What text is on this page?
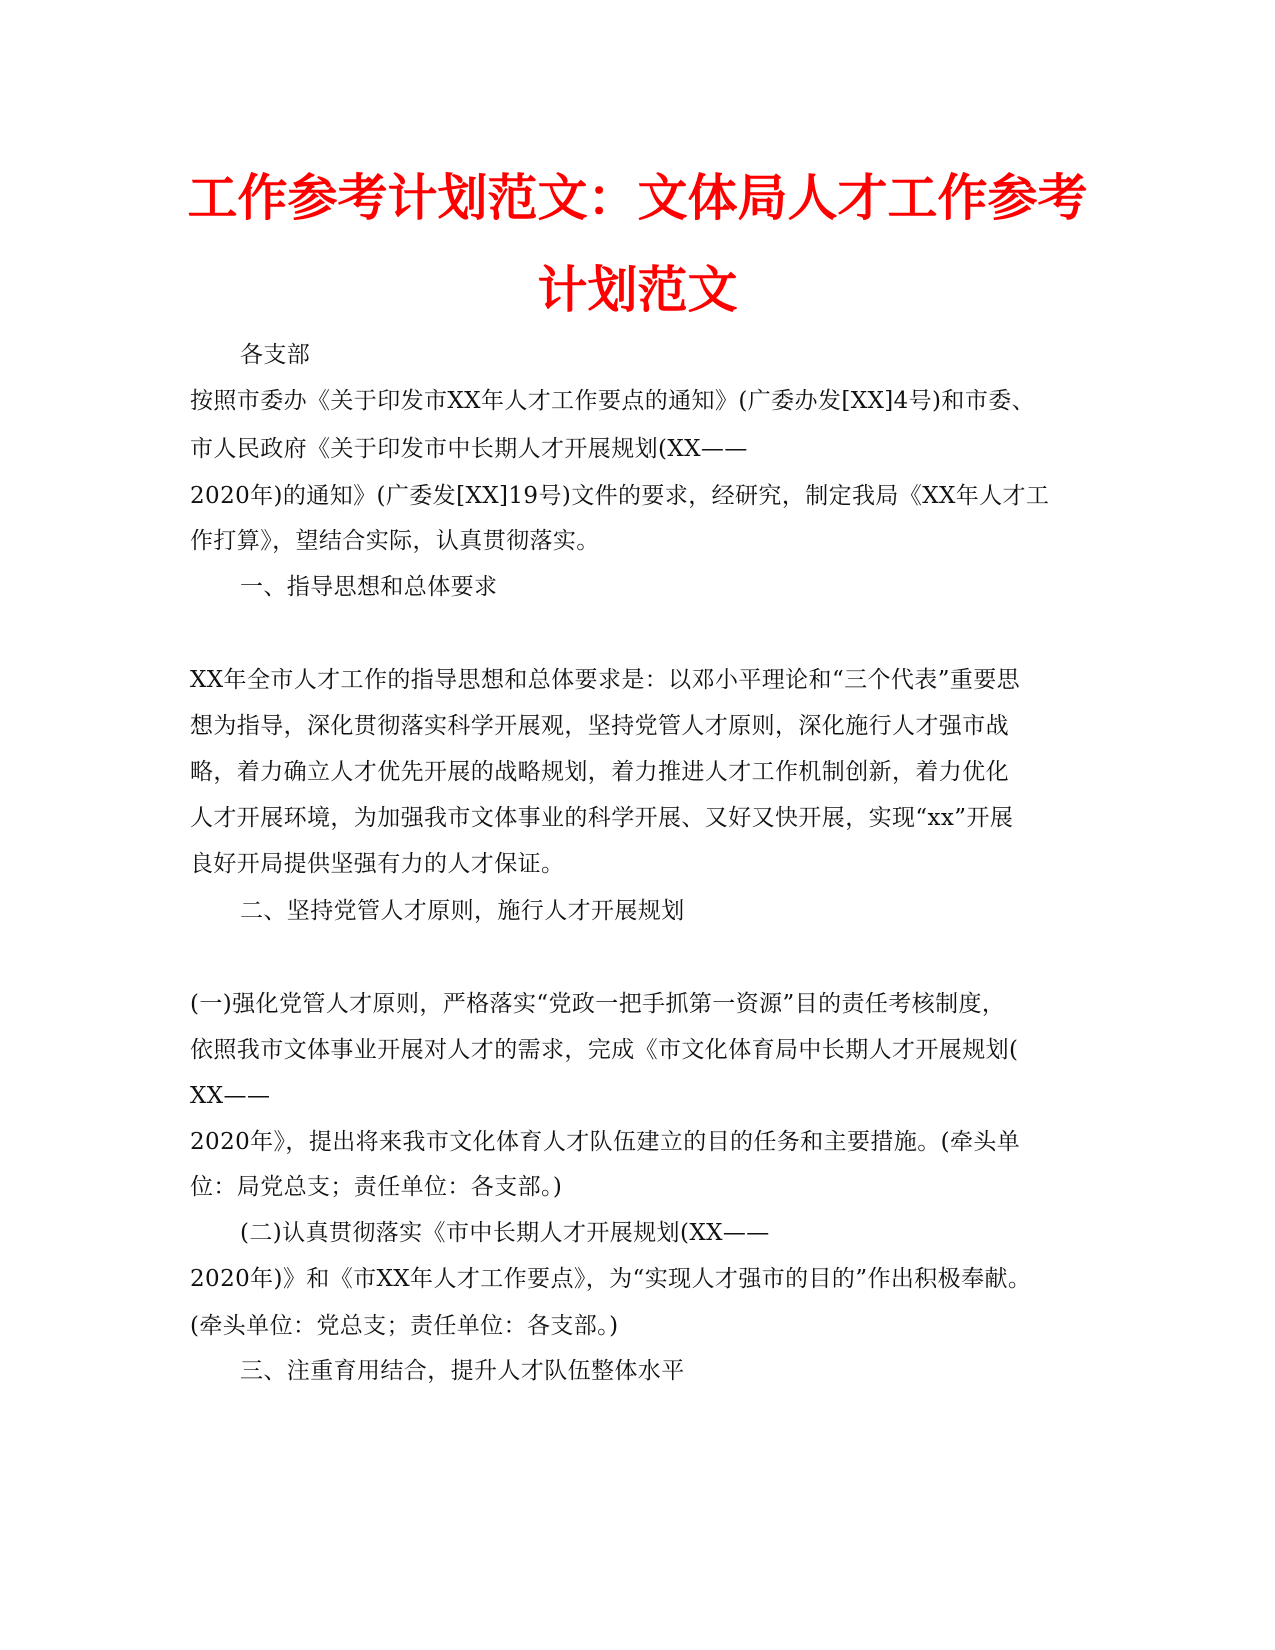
工作参考计划范文：文体局人才工作参考
计划范文

各支部

按照市委办《关于印发市XX年人才工作要点的通知》(广委办发[XX]4号)和市委、

市人民政府《关于印发市中长期人才开展规划(XX——

2020年)的通知》(广委发[XX]19号)文件的要求，经研究，制定我局《XX年人才工

作打算》，望结合实际，认真贯彻落实。

一、指导思想和总体要求

XX年全市人才工作的指导思想和总体要求是：以邓小平理论和“三个代表”重要思

想为指导，深化贯彻落实科学开展观，坚持党管人才原则，深化施行人才强市战

略，着力确立人才优先开展的战略规划，着力推进人才工作机制创新，着力优化

人才开展环境，为加强我市文体事业的科学开展、又好又快开展，实现“xx”开展

良好开局提供坚强有力的人才保证。

二、坚持党管人才原则，施行人才开展规划

(一)强化党管人才原则，严格落实“党政一把手抓第一资源”目的责任考核制度，

依照我市文体事业开展对人才的需求，完成《市文化体育局中长期人才开展规划(

XX——

2020年》，提出将来我市文化体育人才队伍建立的目的任务和主要措施。(牵头单

位：局党总支；责任单位：各支部。)

(二)认真贯彻落实《市中长期人才开展规划(XX——

2020年)》和《市XX年人才工作要点》，为“实现人才强市的目的”作出积极奉献。

(牵头单位：党总支；责任单位：各支部。)

三、注重育用结合，提升人才队伍整体水平
